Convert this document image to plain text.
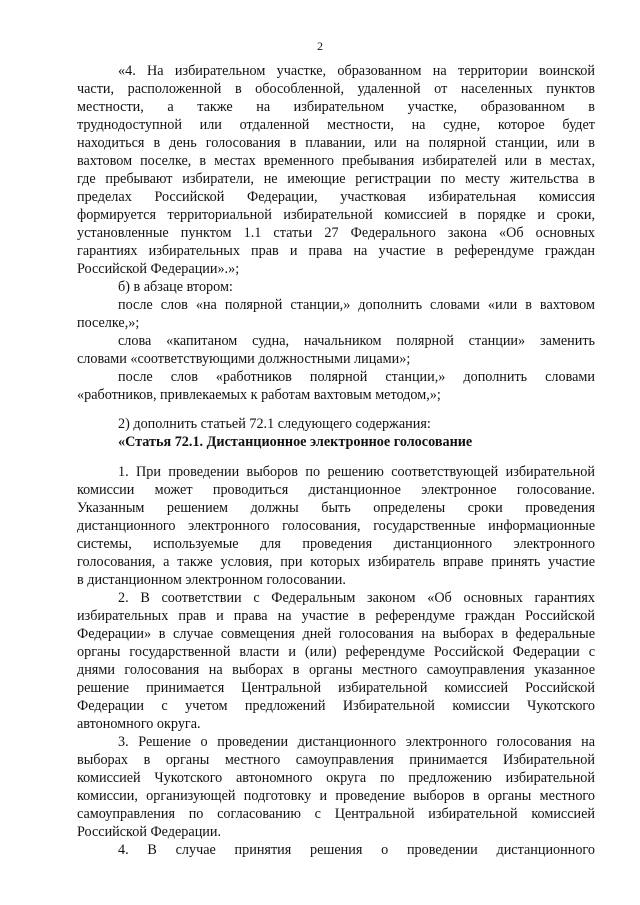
2
«4. На избирательном участке, образованном на территории воинской
части, расположенной в обособленной, удаленной от населенных пунктов
местности, а также на избирательном участке, образованном в
труднодоступной или отдаленной местности, на судне, которое будет
находиться в день голосования в плавании, или на полярной станции, или в
вахтовом поселке, в местах временного пребывания избирателей или в местах,
где пребывают избиратели, не имеющие регистрации по месту жительства в
пределах Российской Федерации, участковая избирательная комиссия
формируется территориальной избирательной комиссией в порядке и сроки,
установленные пунктом 1.1 статьи 27 Федерального закона «Об основных
гарантиях избирательных прав и права на участие в референдуме граждан
Российской Федерации».»;
б) в абзаце втором:
после слов «на полярной станции,» дополнить словами «или в вахтовом
поселке,»;
слова «капитаном судна, начальником полярной станции» заменить
словами «соответствующими должностными лицами»;
после слов «работников полярной станции,» дополнить словами
«работников, привлекаемых к работам вахтовым методом,»;
2) дополнить статьей 72.1 следующего содержания:
«Статья 72.1. Дистанционное электронное голосование
1. При проведении выборов по решению соответствующей избирательной
комиссии может проводиться дистанционное электронное голосование.
Указанным решением должны быть определены сроки проведения
дистанционного электронного голосования, государственные информационные
системы, используемые для проведения дистанционного электронного
голосования, а также условия, при которых избиратель вправе принять участие
в дистанционном электронном голосовании.
2. В соответствии с Федеральным законом «Об основных гарантиях
избирательных прав и права на участие в референдуме граждан Российской
Федерации» в случае совмещения дней голосования на выборах в федеральные
органы государственной власти и (или) референдуме Российской Федерации с
днями голосования на выборах в органы местного самоуправления указанное
решение принимается Центральной избирательной комиссией Российской
Федерации с учетом предложений Избирательной комиссии Чукотского
автономного округа.
3. Решение о проведении дистанционного электронного голосования на
выборах в органы местного самоуправления принимается Избирательной
комиссией Чукотского автономного округа по предложению избирательной
комиссии, организующей подготовку и проведение выборов в органы местного
самоуправления по согласованию с Центральной избирательной комиссией
Российской Федерации.
4. В случае принятия решения о проведении дистанционного
